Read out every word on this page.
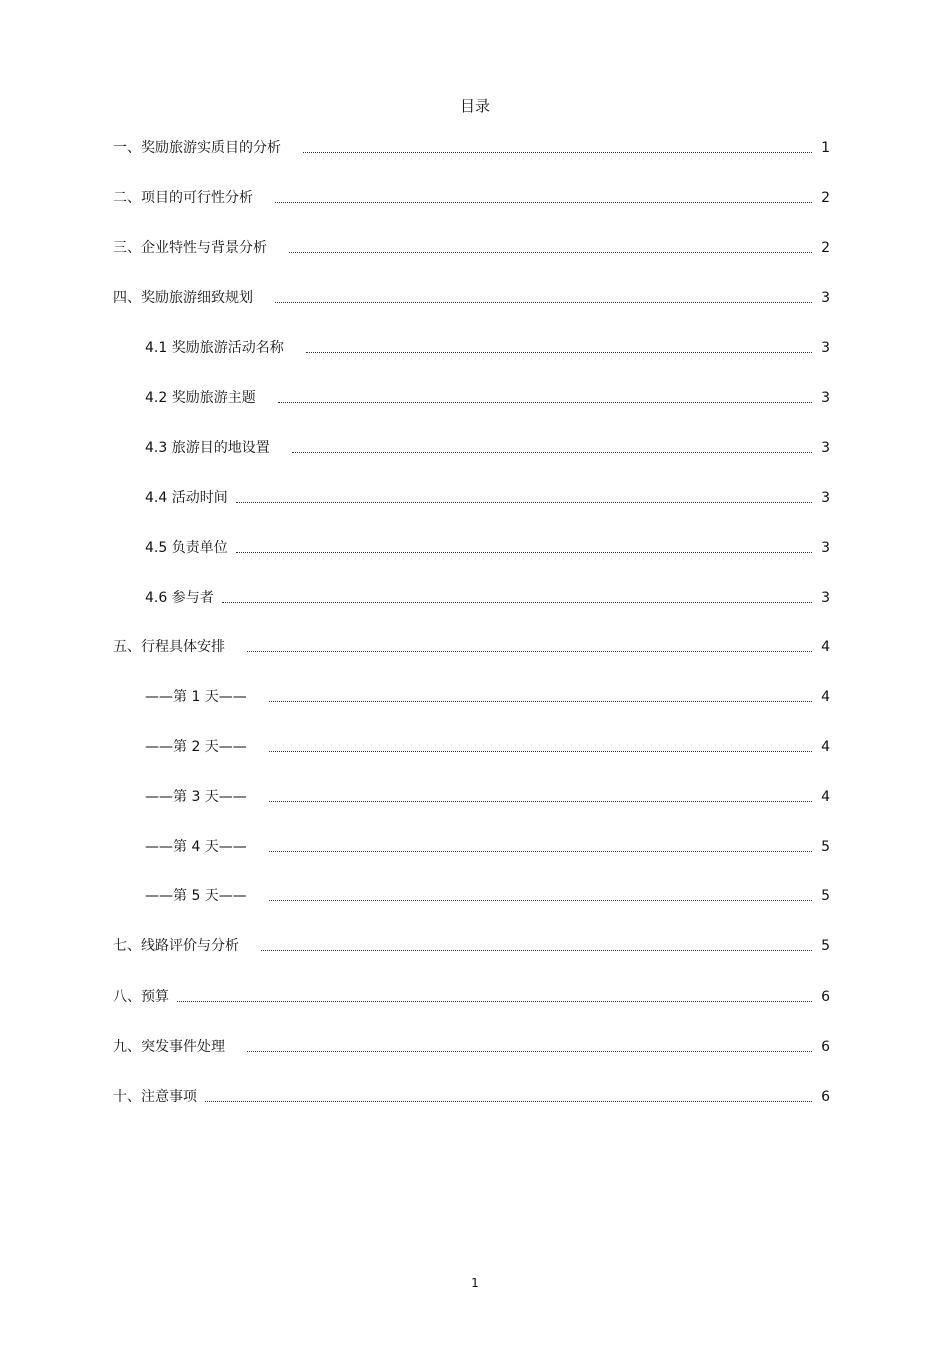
目录
一、奖励旅游实质目的分析	1
二、项目的可行性分析	2
三、企业特性与背景分析	2
四、奖励旅游细致规划	3
4.1 奖励旅游活动名称	3
4.2 奖励旅游主题	3
4.3 旅游目的地设置	3
4.4 活动时间	3
4.5 负责单位	3
4.6 参与者	3
五、行程具体安排	4
——第 1 天——	4
——第 2 天——	4
——第 3 天——	4
——第 4 天——	5
——第 5 天——	5
七、线路评价与分析	5
八、预算	6
九、突发事件处理	6
十、注意事项	6
1
